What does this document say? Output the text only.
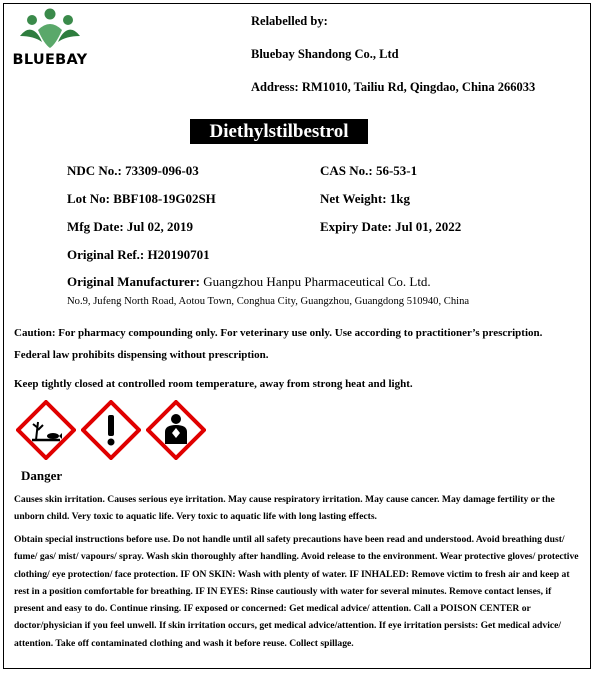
BLUEBAY
Relabelled by:
Bluebay Shandong Co., Ltd
Address: RM1010, Tailiu Rd, Qingdao, China 266033
Diethylstilbestrol
NDC No.: 73309-096-03	CAS No.: 56-53-1
Lot No: BBF108-19G02SH	Net Weight: 1kg
Mfg Date: Jul 02, 2019	Expiry Date: Jul 01, 2022
Original Ref.: H20190701
Original Manufacturer: Guangzhou Hanpu Pharmaceutical Co. Ltd.
No.9, Jufeng North Road, Aotou Town, Conghua City, Guangzhou, Guangdong 510940, China
Caution: For pharmacy compounding only. For veterinary use only. Use according to practitioner’s prescription. Federal law prohibits dispensing without prescription.
Keep tightly closed at controlled room temperature, away from strong heat and light.
Danger
Causes skin irritation. Causes serious eye irritation. May cause respiratory irritation. May cause cancer. May damage fertility or the unborn child. Very toxic to aquatic life. Very toxic to aquatic life with long lasting effects.
Obtain special instructions before use. Do not handle until all safety precautions have been read and understood. Avoid breathing dust/ fume/ gas/ mist/ vapours/ spray. Wash skin thoroughly after handling. Avoid release to the environment. Wear protective gloves/ protective clothing/ eye protection/ face protection. IF ON SKIN: Wash with plenty of water. IF INHALED: Remove victim to fresh air and keep at rest in a position comfortable for breathing. IF IN EYES: Rinse cautiously with water for several minutes. Remove contact lenses, if present and easy to do. Continue rinsing. IF exposed or concerned: Get medical advice/ attention. Call a POISON CENTER or doctor/physician if you feel unwell. If skin irritation occurs, get medical advice/attention. If eye irritation persists: Get medical advice/ attention. Take off contaminated clothing and wash it before reuse. Collect spillage.
